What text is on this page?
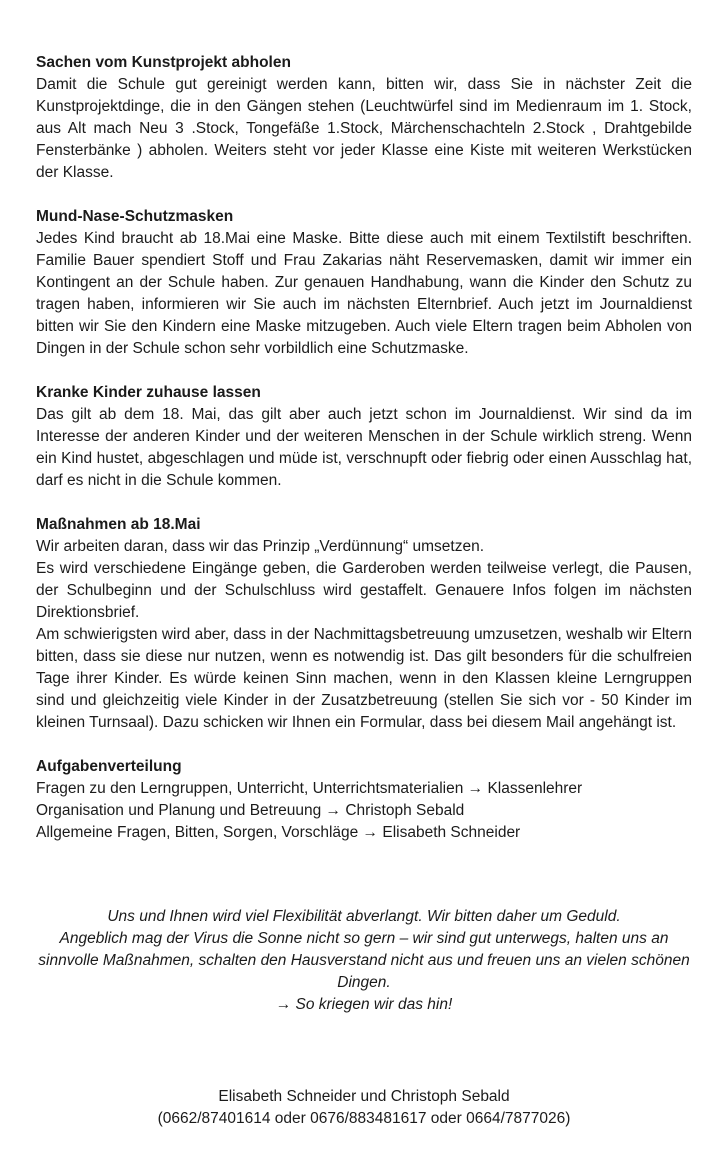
Sachen vom Kunstprojekt abholen

Damit die Schule gut gereinigt werden kann, bitten wir, dass Sie in nächster Zeit die Kunstprojektdinge, die in den Gängen stehen (Leuchtwürfel sind im Medienraum im 1. Stock, aus Alt mach Neu 3 .Stock, Tongefäße 1.Stock, Märchenschachteln 2.Stock , Drahtgebilde Fensterbänke ) abholen. Weiters steht vor jeder Klasse eine Kiste mit weiteren Werkstücken der Klasse.

Mund-Nase-Schutzmasken

Jedes Kind braucht ab 18.Mai eine Maske. Bitte diese auch mit einem Textilstift beschriften. Familie Bauer spendiert Stoff und Frau Zakarias näht Reservemasken, damit wir immer ein Kontingent an der Schule haben. Zur genauen Handhabung, wann die Kinder den Schutz zu tragen haben, informieren wir Sie auch im nächsten Elternbrief. Auch jetzt im Journaldienst bitten wir Sie den Kindern eine Maske mitzugeben. Auch viele Eltern tragen beim Abholen von Dingen in der Schule schon sehr vorbildlich eine Schutzmaske.

Kranke Kinder zuhause lassen

Das gilt ab dem 18. Mai, das gilt aber auch jetzt schon im Journaldienst. Wir sind da im Interesse der anderen Kinder und der weiteren Menschen in der Schule wirklich streng. Wenn ein Kind hustet, abgeschlagen und müde ist, verschnupft oder fiebrig oder einen Ausschlag hat, darf es nicht in die Schule kommen.

Maßnahmen ab 18.Mai

Wir arbeiten daran, dass wir das Prinzip „Verdünnung“ umsetzen.

Es wird verschiedene Eingänge geben, die Garderoben werden teilweise verlegt, die Pausen, der Schulbeginn und der Schulschluss wird gestaffelt. Genauere Infos folgen im nächsten Direktionsbrief.

Am schwierigsten wird aber, dass in der Nachmittagsbetreuung umzusetzen, weshalb wir Eltern bitten, dass sie diese nur nutzen, wenn es notwendig ist. Das gilt besonders für die schulfreien Tage ihrer Kinder. Es würde keinen Sinn machen, wenn in den Klassen kleine Lerngruppen sind und gleichzeitig viele Kinder in der Zusatzbetreuung (stellen Sie sich vor - 50 Kinder im kleinen Turnsaal). Dazu schicken wir Ihnen ein Formular, dass bei diesem Mail angehängt ist.

Aufgabenverteilung

Fragen zu den Lerngruppen, Unterricht, Unterrichtsmaterialien → Klassenlehrer

Organisation und Planung und Betreuung → Christoph Sebald

Allgemeine Fragen, Bitten, Sorgen, Vorschläge → Elisabeth Schneider

Uns und Ihnen wird viel Flexibilität abverlangt. Wir bitten daher um Geduld.

Angeblich mag der Virus die Sonne nicht so gern – wir sind gut unterwegs, halten uns an sinnvolle Maßnahmen, schalten den Hausverstand nicht aus und freuen uns an vielen schönen Dingen.

→ So kriegen wir das hin!

Elisabeth Schneider und Christoph Sebald

(0662/87401614 oder 0676/883481617 oder 0664/7877026)
